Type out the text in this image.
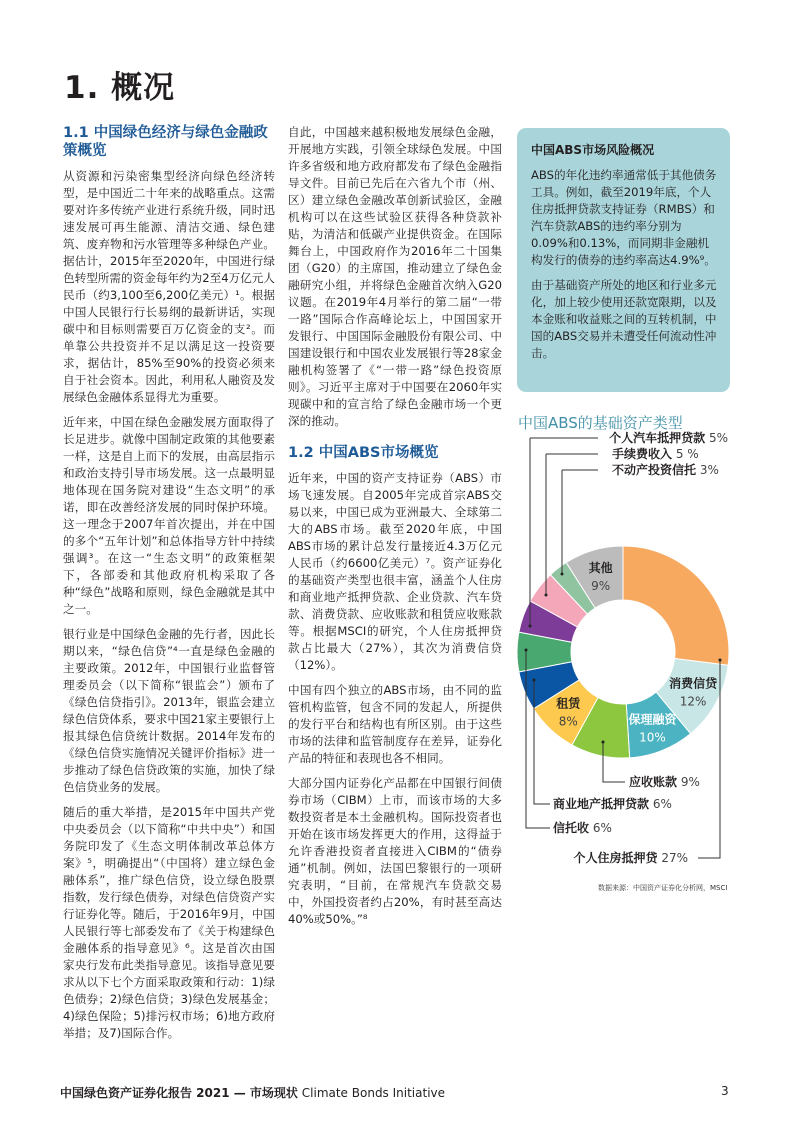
1. 概况
1.1 中国绿色经济与绿色金融政策概览

从资源和污染密集型经济向绿色经济转型，是中国近二十年来的战略重点。这需要对许多传统产业进行系统升级，同时迅速发展可再生能源、清洁交通、绿色建筑、废弃物和污水管理等多种绿色产业。据估计，2015年至2020年，中国进行绿色转型所需的资金每年约为2至4万亿元人民币（约3,100至6,200亿美元）¹。根据中国人民银行行长易纲的最新讲话，实现碳中和目标则需要百万亿资金的支²。而单靠公共投资并不足以满足这一投资要求，据估计，85%至90%的投资必须来自于社会资本。因此，利用私人融资及发展绿色金融体系显得尤为重要。

近年来，中国在绿色金融发展方面取得了长足进步。就像中国制定政策的其他要素一样，这是自上而下的发展，由高层指示和政治支持引导市场发展。这一点最明显地体现在国务院对建设“生态文明”的承诺，即在改善经济发展的同时保护环境。这一理念于2007年首次提出，并在中国的多个“五年计划”和总体指导方针中持续强调³。在这一“生态文明”的政策框架下，各部委和其他政府机构采取了各种“绿色”战略和原则，绿色金融就是其中之一。

银行业是中国绿色金融的先行者，因此长期以来，“绿色信贷”⁴一直是绿色金融的主要政策。2012年，中国银行业监督管理委员会（以下简称“银监会”）颁布了《绿色信贷指引》。2013年，银监会建立绿色信贷体系，要求中国21家主要银行上报其绿色信贷统计数据。2014年发布的《绿色信贷实施情况关键评价指标》进一步推动了绿色信贷政策的实施，加快了绿色信贷业务的发展。

随后的重大举措，是2015年中国共产党中央委员会（以下简称“中共中央”）和国务院印发了《生态文明体制改革总体方案》⁵，明确提出“（中国将）建立绿色金融体系”，推广绿色信贷，设立绿色股票指数，发行绿色债券，对绿色信贷资产实行证券化等。随后，于2016年9月，中国人民银行等七部委发布了《关于构建绿色金融体系的指导意见》⁶。这是首次由国家央行发布此类指导意见。该指导意见要求从以下七个方面采取政策和行动：1)绿色债券；2)绿色信贷；3)绿色发展基金；4)绿色保险；5)排污权市场；6)地方政府举措；及7)国际合作。

自此，中国越来越积极地发展绿色金融，开展地方实践，引领全球绿色发展。中国许多省级和地方政府都发布了绿色金融指导文件。目前已先后在六省九个市（州、区）建立绿色金融改革创新试验区，金融机构可以在这些试验区获得各种贷款补贴，为清洁和低碳产业提供资金。在国际舞台上，中国政府作为2016年二十国集团（G20）的主席国，推动建立了绿色金融研究小组，并将绿色金融首次纳入G20议题。在2019年4月举行的第二届“一带一路”国际合作高峰论坛上，中国国家开发银行、中国国际金融股份有限公司、中国建设银行和中国农业发展银行等28家金融机构签署了《“一带一路”绿色投资原则》。习近平主席对于中国要在2060年实现碳中和的宣言给了绿色金融市场一个更深的推动。

1.2 中国ABS市场概览

近年来，中国的资产支持证券（ABS）市场飞速发展。自2005年完成首宗ABS交易以来，中国已成为亚洲最大、全球第二大的ABS市场。截至2020年底，中国ABS市场的累计总发行量接近4.3万亿元人民币（约6600亿美元）⁷。资产证券化的基础资产类型也很丰富，涵盖个人住房和商业地产抵押贷款、企业贷款、汽车贷款、消费贷款、应收账款和租赁应收账款等。根据MSCI的研究，个人住房抵押贷款占比最大（27%），其次为消费信贷（12%）。

中国有四个独立的ABS市场，由不同的监管机构监管，包含不同的发起人，所提供的发行平台和结构也有所区别。由于这些市场的法律和监管制度存在差异，证券化产品的特征和表现也各不相同。

大部分国内证券化产品都在中国银行间债券市场（CIBM）上市，而该市场的大多数投资者是本土金融机构。国际投资者也开始在该市场发挥更大的作用，这得益于允许香港投资者直接进入CIBM的“债券通”机制。例如，法国巴黎银行的一项研究表明，“目前，在常规汽车贷款交易中，外国投资者约占20%，有时甚至高达40%或50%。”⁸

中国ABS市场风险概况

ABS的年化违约率通常低于其他债务工具。例如，截至2019年底，个人住房抵押贷款支持证券（RMBS）和汽车贷款ABS的违约率分别为0.09%和0.13%，而同期非金融机构发行的债券的违约率高达4.9%⁹。

由于基础资产所处的地区和行业多元化，加上较少使用还款宽限期，以及本金账和收益账之间的互转机制，中国的ABS交易并未遭受任何流动性冲击。

中国ABS的基础资产类型
消费信贷
12%
保理融资
10%
租赁
8%
其他
9%
个人汽车抵押贷款 5%
手续费收入 5 %
不动产投资信托 3%
应收账款 9%
商业地产抵押贷款 6%
信托收 6%
个人住房抵押贷 27%
数据来源：中国资产证券化分析网，MSCI
中国绿色资产证券化报告 2021 — 市场现状 Climate Bonds Initiative	3
